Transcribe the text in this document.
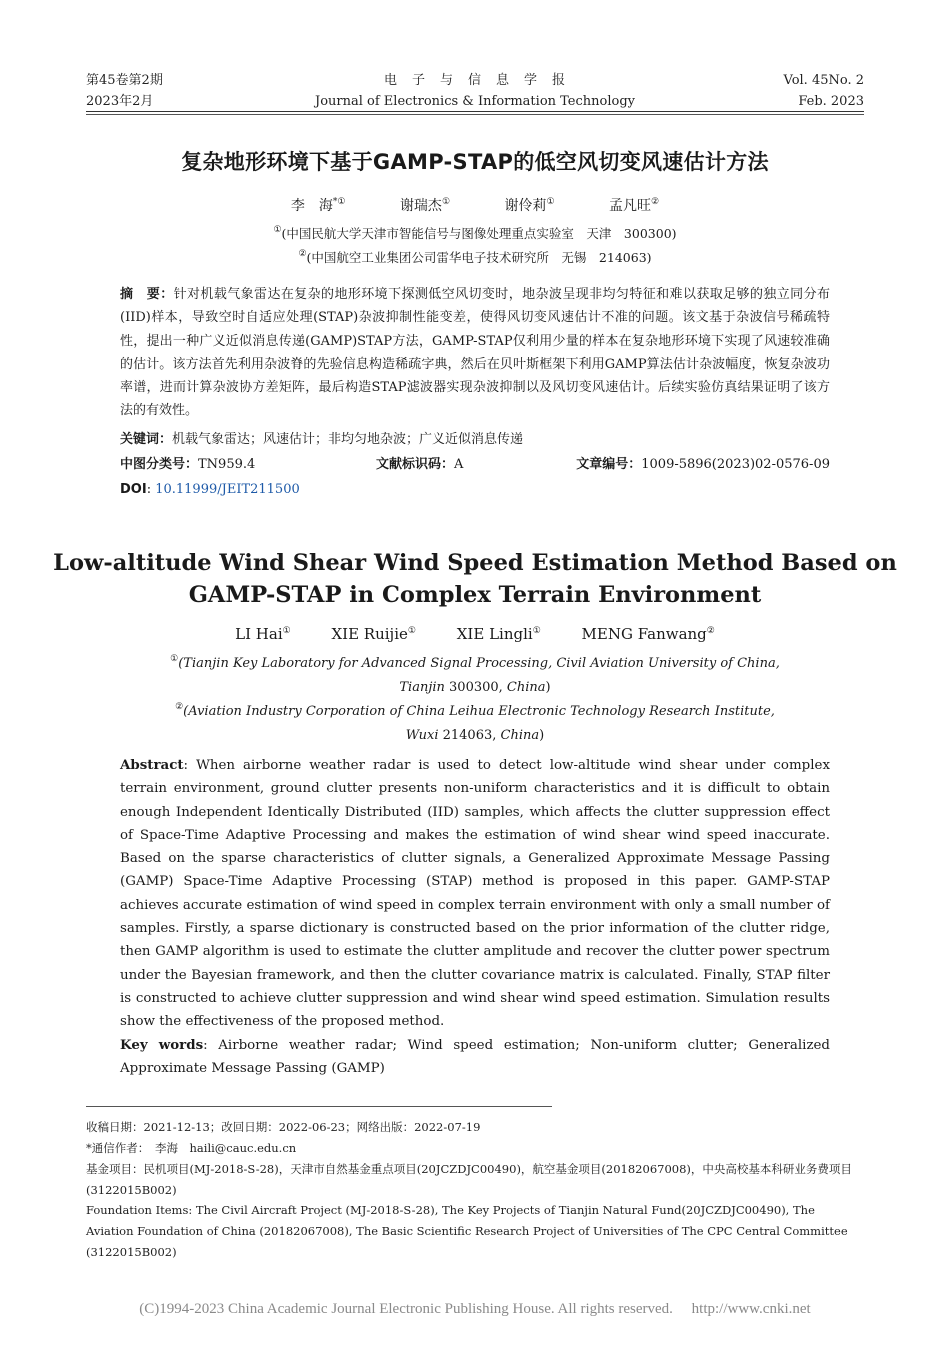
第45卷第2期
2023年2月
电　子　与　信　息　学　报
Journal of Electronics & Information Technology
Vol. 45No. 2
Feb. 2023
复杂地形环境下基于GAMP-STAP的低空风切变风速估计方法
李　海*①	谢瑞杰①	谢伶莉①	孟凡旺②
①(中国民航大学天津市智能信号与图像处理重点实验室　天津　300300)
②(中国航空工业集团公司雷华电子技术研究所　无锡　214063)
摘　要：针对机载气象雷达在复杂的地形环境下探测低空风切变时，地杂波呈现非均匀特征和难以获取足够的独立同分布(IID)样本，导致空时自适应处理(STAP)杂波抑制性能变差，使得风切变风速估计不准的问题。该文基于杂波信号稀疏特性，提出一种广义近似消息传递(GAMP)STAP方法，GAMP-STAP仅利用少量的样本在复杂地形环境下实现了风速较准确的估计。该方法首先利用杂波脊的先验信息构造稀疏字典，然后在贝叶斯框架下利用GAMP算法估计杂波幅度，恢复杂波功率谱，进而计算杂波协方差矩阵，最后构造STAP滤波器实现杂波抑制以及风切变风速估计。后续实验仿真结果证明了该方法的有效性。
关键词：机载气象雷达；风速估计；非均匀地杂波；广义近似消息传递
中图分类号：TN959.4	文献标识码：A	文章编号：1009-5896(2023)02-0576-09
DOI: 10.11999/JEIT211500
Low-altitude Wind Shear Wind Speed Estimation Method Based on
GAMP-STAP in Complex Terrain Environment
LI Hai①	XIE Ruijie①	XIE Lingli①	MENG Fanwang②
①(Tianjin Key Laboratory for Advanced Signal Processing, Civil Aviation University of China,
Tianjin 300300, China)
②(Aviation Industry Corporation of China Leihua Electronic Technology Research Institute,
Wuxi 214063, China)
Abstract: When airborne weather radar is used to detect low-altitude wind shear under complex terrain environment, ground clutter presents non-uniform characteristics and it is difficult to obtain enough Independent Identically Distributed (IID) samples, which affects the clutter suppression effect of Space-Time Adaptive Processing and makes the estimation of wind shear wind speed inaccurate. Based on the sparse characteristics of clutter signals, a Generalized Approximate Message Passing (GAMP) Space-Time Adaptive Processing (STAP) method is proposed in this paper. GAMP-STAP achieves accurate estimation of wind speed in complex terrain environment with only a small number of samples. Firstly, a sparse dictionary is constructed based on the prior information of the clutter ridge, then GAMP algorithm is used to estimate the clutter amplitude and recover the clutter power spectrum under the Bayesian framework, and then the clutter covariance matrix is calculated. Finally, STAP filter is constructed to achieve clutter suppression and wind shear wind speed estimation. Simulation results show the effectiveness of the proposed method.
Key words: Airborne weather radar; Wind speed estimation; Non-uniform clutter; Generalized Approximate Message Passing (GAMP)
收稿日期：2021-12-13；改回日期：2022-06-23；网络出版：2022-07-19
*通信作者：　李海　haili@cauc.edu.cn
基金项目：民机项目(MJ-2018-S-28)，天津市自然基金重点项目(20JCZDJC00490)，航空基金项目(20182067008)，中央高校基本科研业务费项目(3122015B002)
Foundation Items: The Civil Aircraft Project (MJ-2018-S-28), The Key Projects of Tianjin Natural Fund(20JCZDJC00490), The Aviation Foundation of China (20182067008), The Basic Scientific Research Project of Universities of The CPC Central Committee (3122015B002)
(C)1994-2023 China Academic Journal Electronic Publishing House. All rights reserved.　 http://www.cnki.net
